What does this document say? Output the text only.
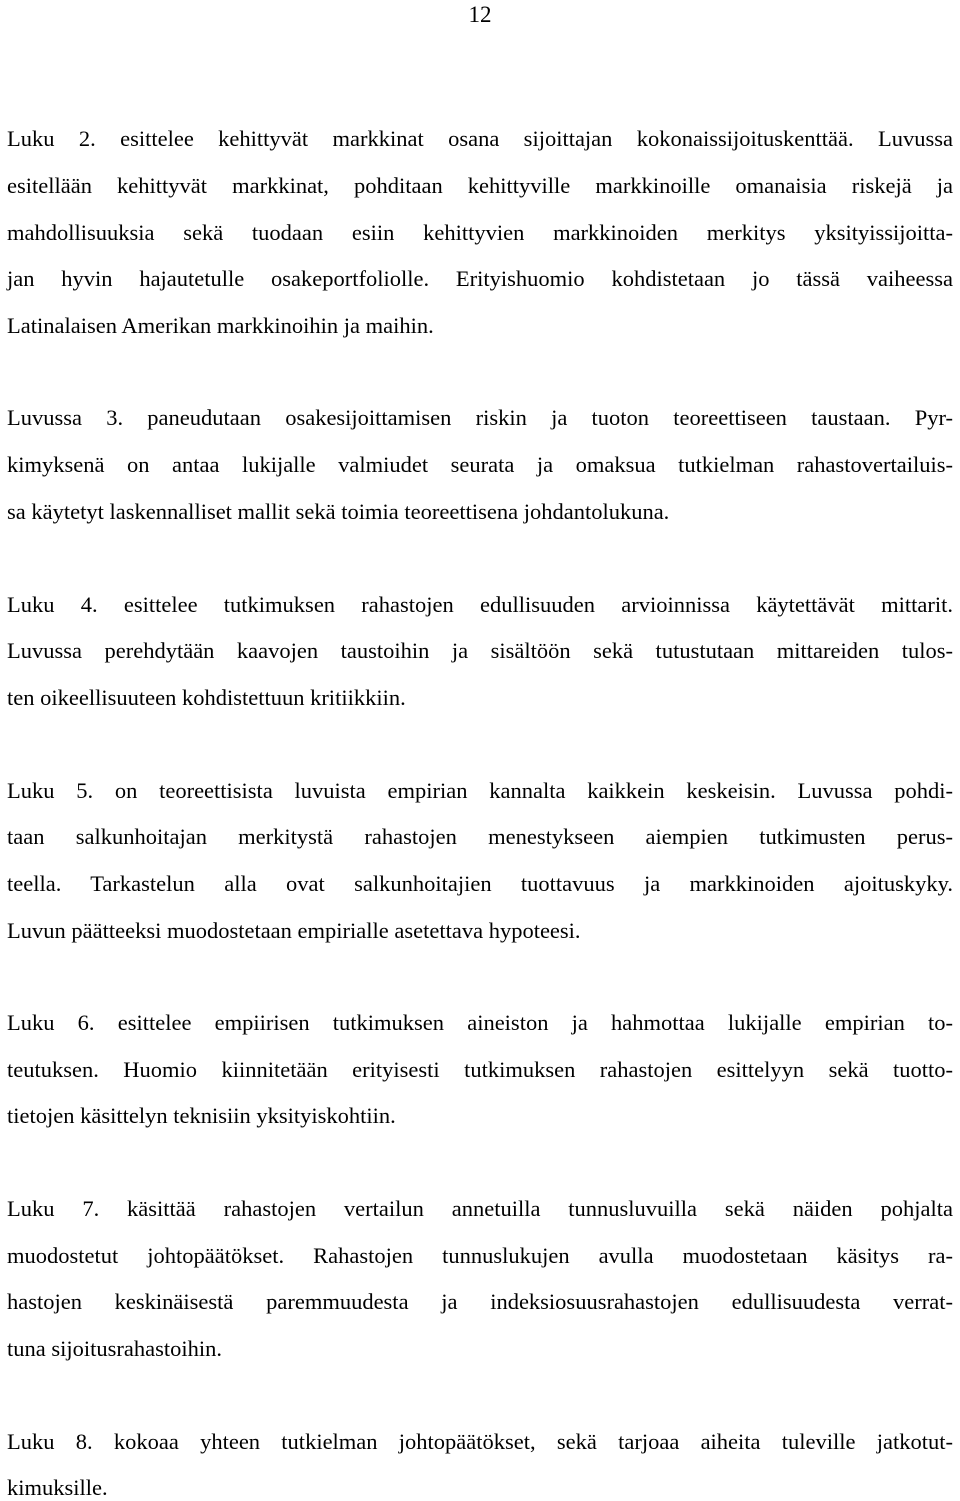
12
Luku 2. esittelee kehittyvät markkinat osana sijoittajan kokonaissijoituskenttää. Luvussa
esitellään kehittyvät markkinat, pohditaan kehittyville markkinoille omanaisia riskejä ja
mahdollisuuksia sekä tuodaan esiin kehittyvien markkinoiden merkitys yksityissijoitta-
jan hyvin hajautetulle osakeportfoliolle. Erityishuomio kohdistetaan jo tässä vaiheessa
Latinalaisen Amerikan markkinoihin ja maihin.
Luvussa 3. paneudutaan osakesijoittamisen riskin ja tuoton teoreettiseen taustaan. Pyr-
kimyksenä on antaa lukijalle valmiudet seurata ja omaksua tutkielman rahastovertailuis-
sa käytetyt laskennalliset mallit sekä toimia teoreettisena johdantolukuna.
Luku 4. esittelee tutkimuksen rahastojen edullisuuden arvioinnissa käytettävät mittarit.
Luvussa perehdytään kaavojen taustoihin ja sisältöön sekä tutustutaan mittareiden tulos-
ten oikeellisuuteen kohdistettuun kritiikkiin.
Luku 5. on teoreettisista luvuista empirian kannalta kaikkein keskeisin. Luvussa pohdi-
taan salkunhoitajan merkitystä rahastojen menestykseen aiempien tutkimusten perus-
teella. Tarkastelun alla ovat salkunhoitajien tuottavuus ja markkinoiden ajoituskyky.
Luvun päätteeksi muodostetaan empirialle asetettava hypoteesi.
Luku 6. esittelee empiirisen tutkimuksen aineiston ja hahmottaa lukijalle empirian to-
teutuksen. Huomio kiinnitetään erityisesti tutkimuksen rahastojen esittelyyn sekä tuotto-
tietojen käsittelyn teknisiin yksityiskohtiin.
Luku 7. käsittää rahastojen vertailun annetuilla tunnusluvuilla sekä näiden pohjalta
muodostetut johtopäätökset. Rahastojen tunnuslukujen avulla muodostetaan käsitys ra-
hastojen keskinäisestä paremmuudesta ja indeksiosuusrahastojen edullisuudesta verrat-
tuna sijoitusrahastoihin.
Luku 8. kokoaa yhteen tutkielman johtopäätökset, sekä tarjoaa aiheita tuleville jatkotut-
kimuksille.
